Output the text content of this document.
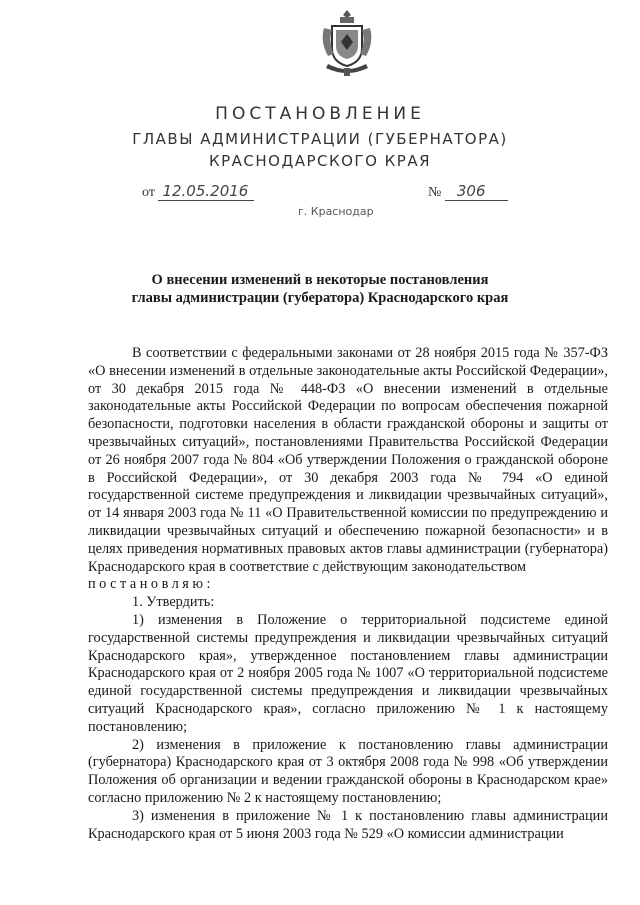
ПОСТАНОВЛЕНИЕ
ГЛАВЫ АДМИНИСТРАЦИИ (ГУБЕРНАТОРА)
КРАСНОДАРСКОГО КРАЯ
от 12.05.2016	№ 306
г. Краснодар
О внесении изменений в некоторые постановления
главы администрации (губератора) Краснодарского края

В соответствии с федеральными законами от 28 ноября 2015 года № 357-ФЗ «О внесении изменений в отдельные законодательные акты Российской Федерации», от 30 декабря 2015 года № 448-ФЗ «О внесении изменений в отдельные законодательные акты Российской Федерации по вопросам обеспечения пожарной безопасности, подготовки населения в области гражданской обороны и защиты от чрезвычайных ситуаций», постановлениями Правительства Российской Федерации от 26 ноября 2007 года № 804 «Об утверждении Положения о гражданской обороне в Российской Федерации», от 30 декабря 2003 года № 794 «О единой государственной системе предупреждения и ликвидации чрезвычайных ситуаций», от 14 января 2003 года № 11 «О Правительственной комиссии по предупреждению и ликвидации чрезвычайных ситуаций и обеспечению пожарной безопасности» и в целях приведения нормативных правовых актов главы администрации (губернатора) Краснодарского края в соответствие с действующим законодательством

постановляю:

1. Утвердить:

1) изменения в Положение о территориальной подсистеме единой государственной системы предупреждения и ликвидации чрезвычайных ситуаций Краснодарского края», утвержденное постановлением главы администрации Краснодарского края от 2 ноября 2005 года № 1007 «О территориальной подсистеме единой государственной системы предупреждения и ликвидации чрезвычайных ситуаций Краснодарского края», согласно приложению № 1 к настоящему постановлению;

2) изменения в приложение к постановлению главы администрации (губернатора) Краснодарского края от 3 октября 2008 года № 998 «Об утверждении Положения об организации и ведении гражданской обороны в Краснодарском крае» согласно приложению № 2 к настоящему постановлению;

3) изменения в приложение № 1 к постановлению главы администрации Краснодарского края от 5 июня 2003 года № 529 «О комиссии администрации
